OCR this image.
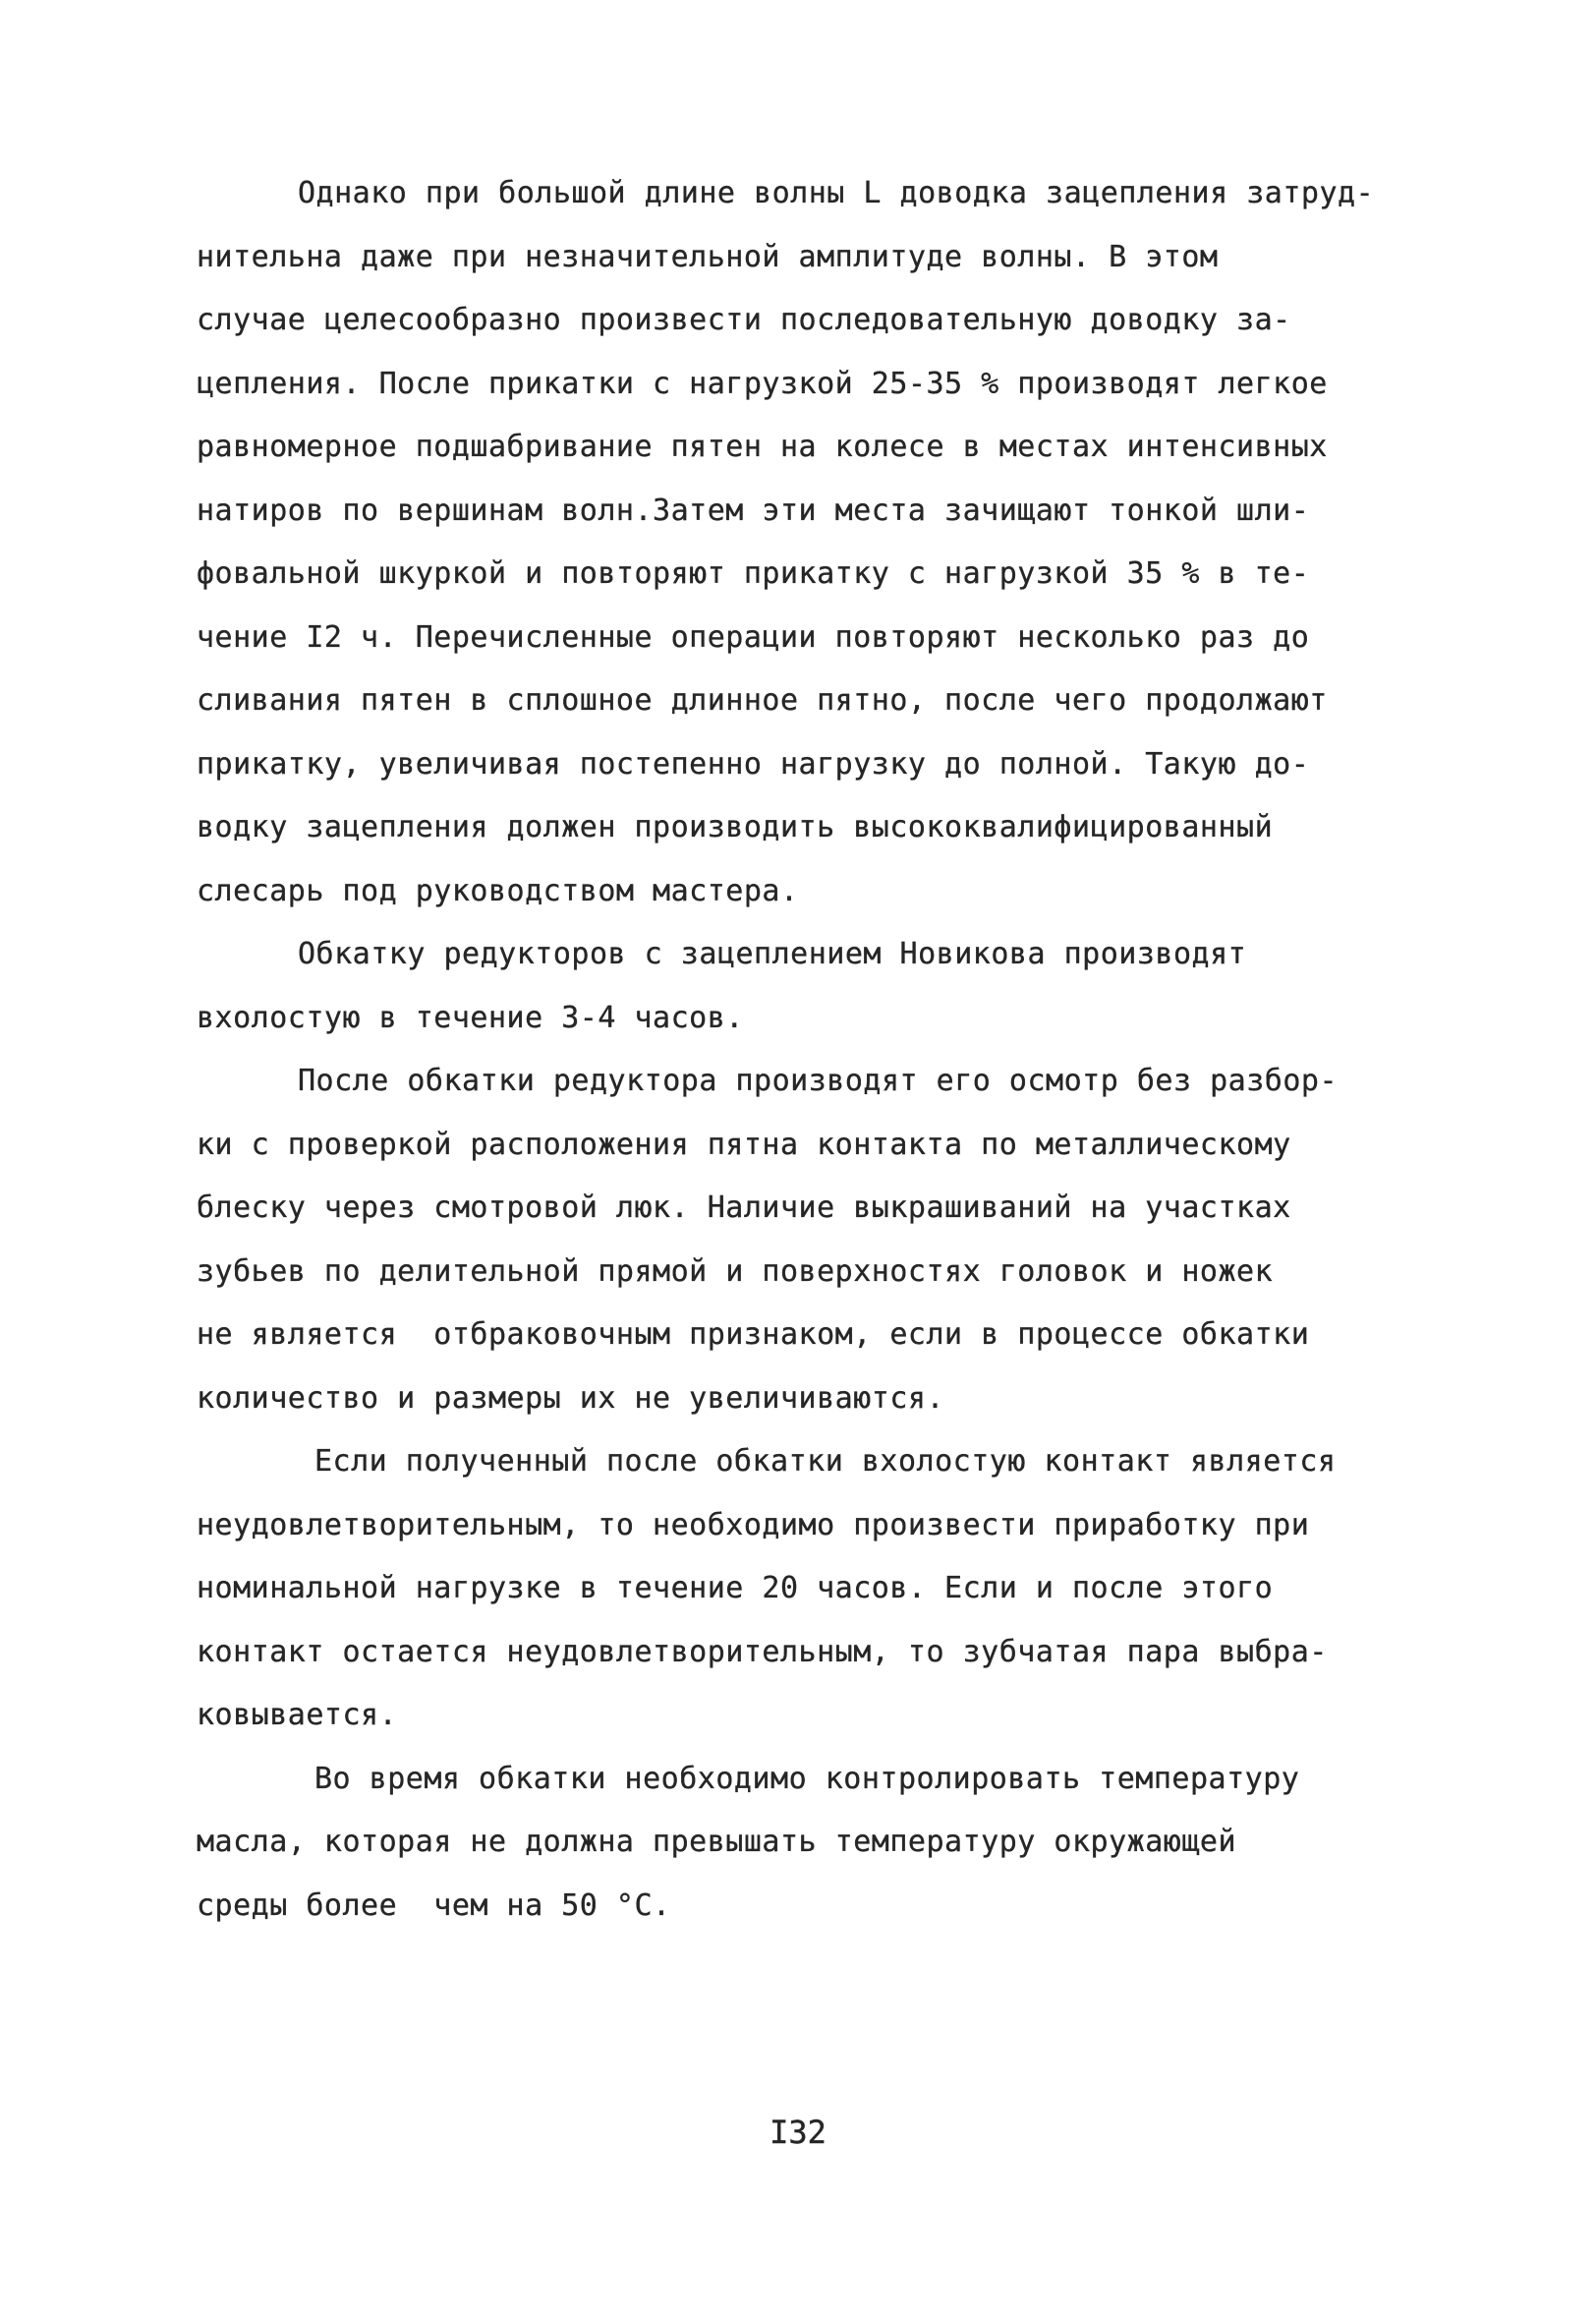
Однако при большой длине волны L доводка зацепления затруд-
нительна даже при незначительной амплитуде волны. В этом
случае целесообразно произвести последовательную доводку за-
цепления. После прикатки с нагрузкой 25-35 % производят легкое
равномерное подшабривание пятен на колесе в местах интенсивных
натиров по вершинам волн.Затем эти места зачищают тонкой шли-
фовальной шкуркой и повторяют прикатку с нагрузкой 35 % в те-
чение I2 ч. Перечисленные операции повторяют несколько раз до
сливания пятен в сплошное длинное пятно, после чего продолжают
прикатку, увеличивая постепенно нагрузку до полной. Такую до-
водку зацепления должен производить высококвалифицированный
слесарь под руководством мастера.
Обкатку редукторов с зацеплением Новикова производят
вхолостую в течение 3-4 часов.
После обкатки редуктора производят его осмотр без разбор-
ки с проверкой расположения пятна контакта по металлическому
блеску через смотровой люк. Наличие выкрашиваний на участках
зубьев по делительной прямой и поверхностях головок и ножек
не является  отбраковочным признаком, если в процессе обкатки
количество и размеры их не увеличиваются.
Если полученный после обкатки вхолостую контакт является
неудовлетворительным, то необходимо произвести приработку при
номинальной нагрузке в течение 20 часов. Если и после этого
контакт остается неудовлетворительным, то зубчатая пара выбра-
ковывается.
Во время обкатки необходимо контролировать температуру
масла, которая не должна превышать температуру окружающей
среды более  чем на 50 °С.
I32
